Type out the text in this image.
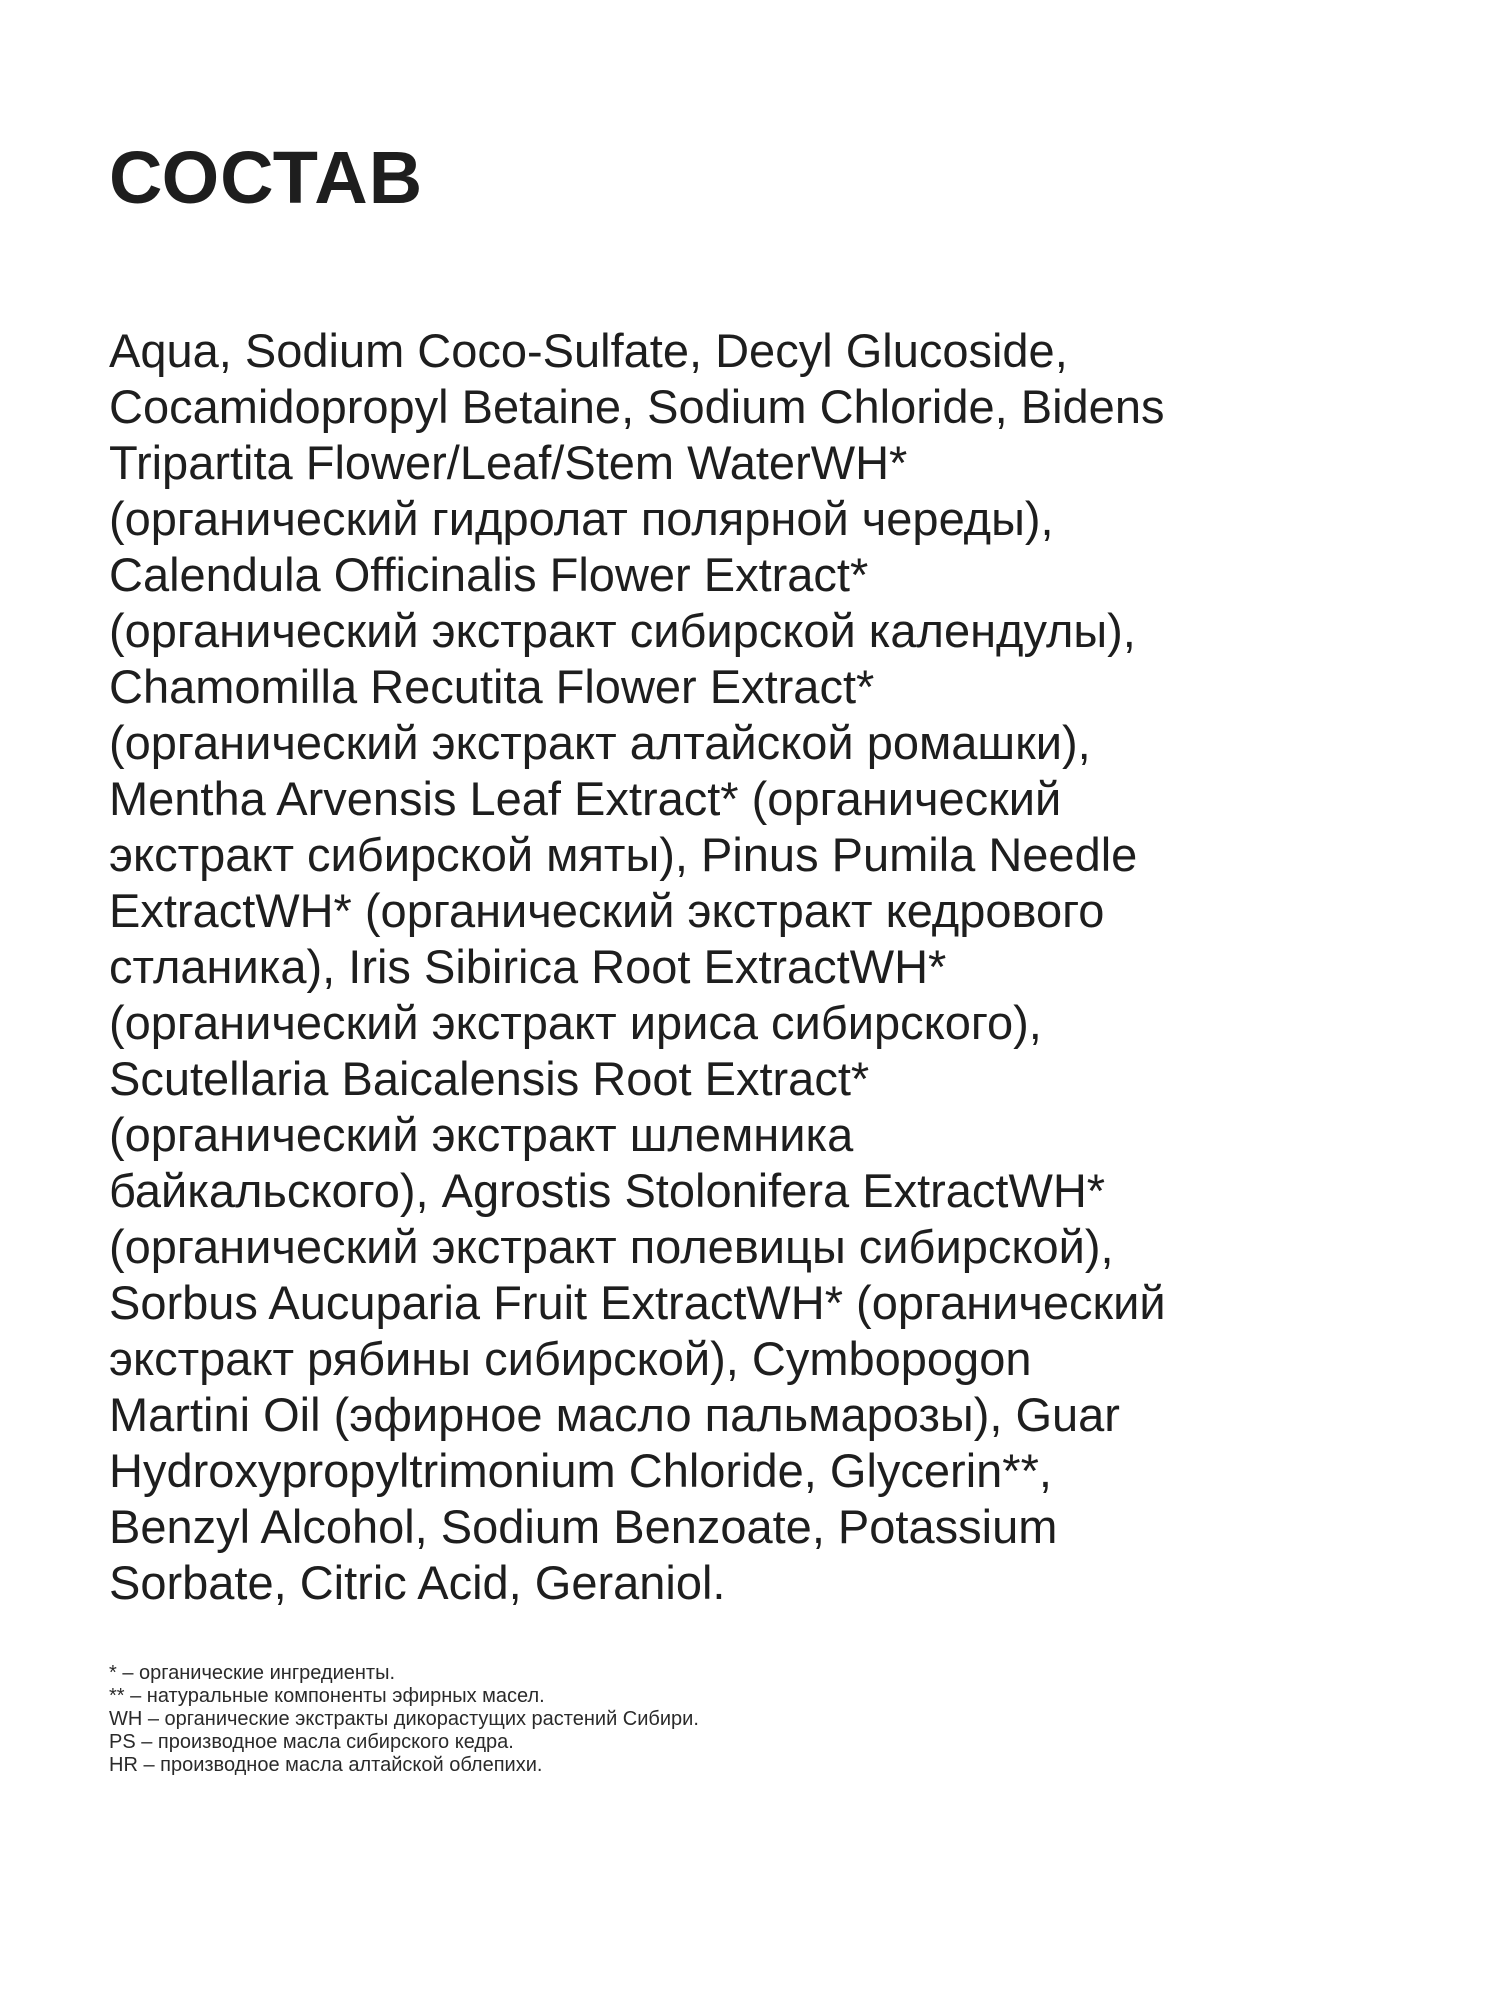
СОСТАВ
Aqua, Sodium Coco-Sulfate, Decyl Glucoside,
Cocamidopropyl Betaine, Sodium Chloride, Bidens
Tripartita Flower/Leaf/Stem WaterWH*
(органический гидролат полярной череды),
Calendula Officinalis Flower Extract*
(органический экстракт сибирской календулы),
Chamomilla Recutita Flower Extract*
(органический экстракт алтайской ромашки),
Mentha Arvensis Leaf Extract* (органический
экстракт сибирской мяты), Pinus Pumila Needle
ExtractWH* (органический экстракт кедрового
стланика), Iris Sibirica Root ExtractWH*
(органический экстракт ириса сибирского),
Scutellaria Baicalensis Root Extract*
(органический экстракт шлемника
байкальского), Agrostis Stolonifera ExtractWH*
(органический экстракт полевицы сибирской),
Sorbus Aucuparia Fruit ExtractWH* (органический
экстракт рябины сибирской), Cymbopogon
Martini Oil (эфирное масло пальмарозы), Guar
Hydroxypropyltrimonium Chloride, Glycerin**,
Benzyl Alcohol, Sodium Benzoate, Potassium
Sorbate, Citric Acid, Geraniol.
* – органические ингредиенты.
** – натуральные компоненты эфирных масел.
WH – органические экстракты дикорастущих растений Сибири.
PS – производное масла сибирского кедра.
HR – производное масла алтайской облепихи.
